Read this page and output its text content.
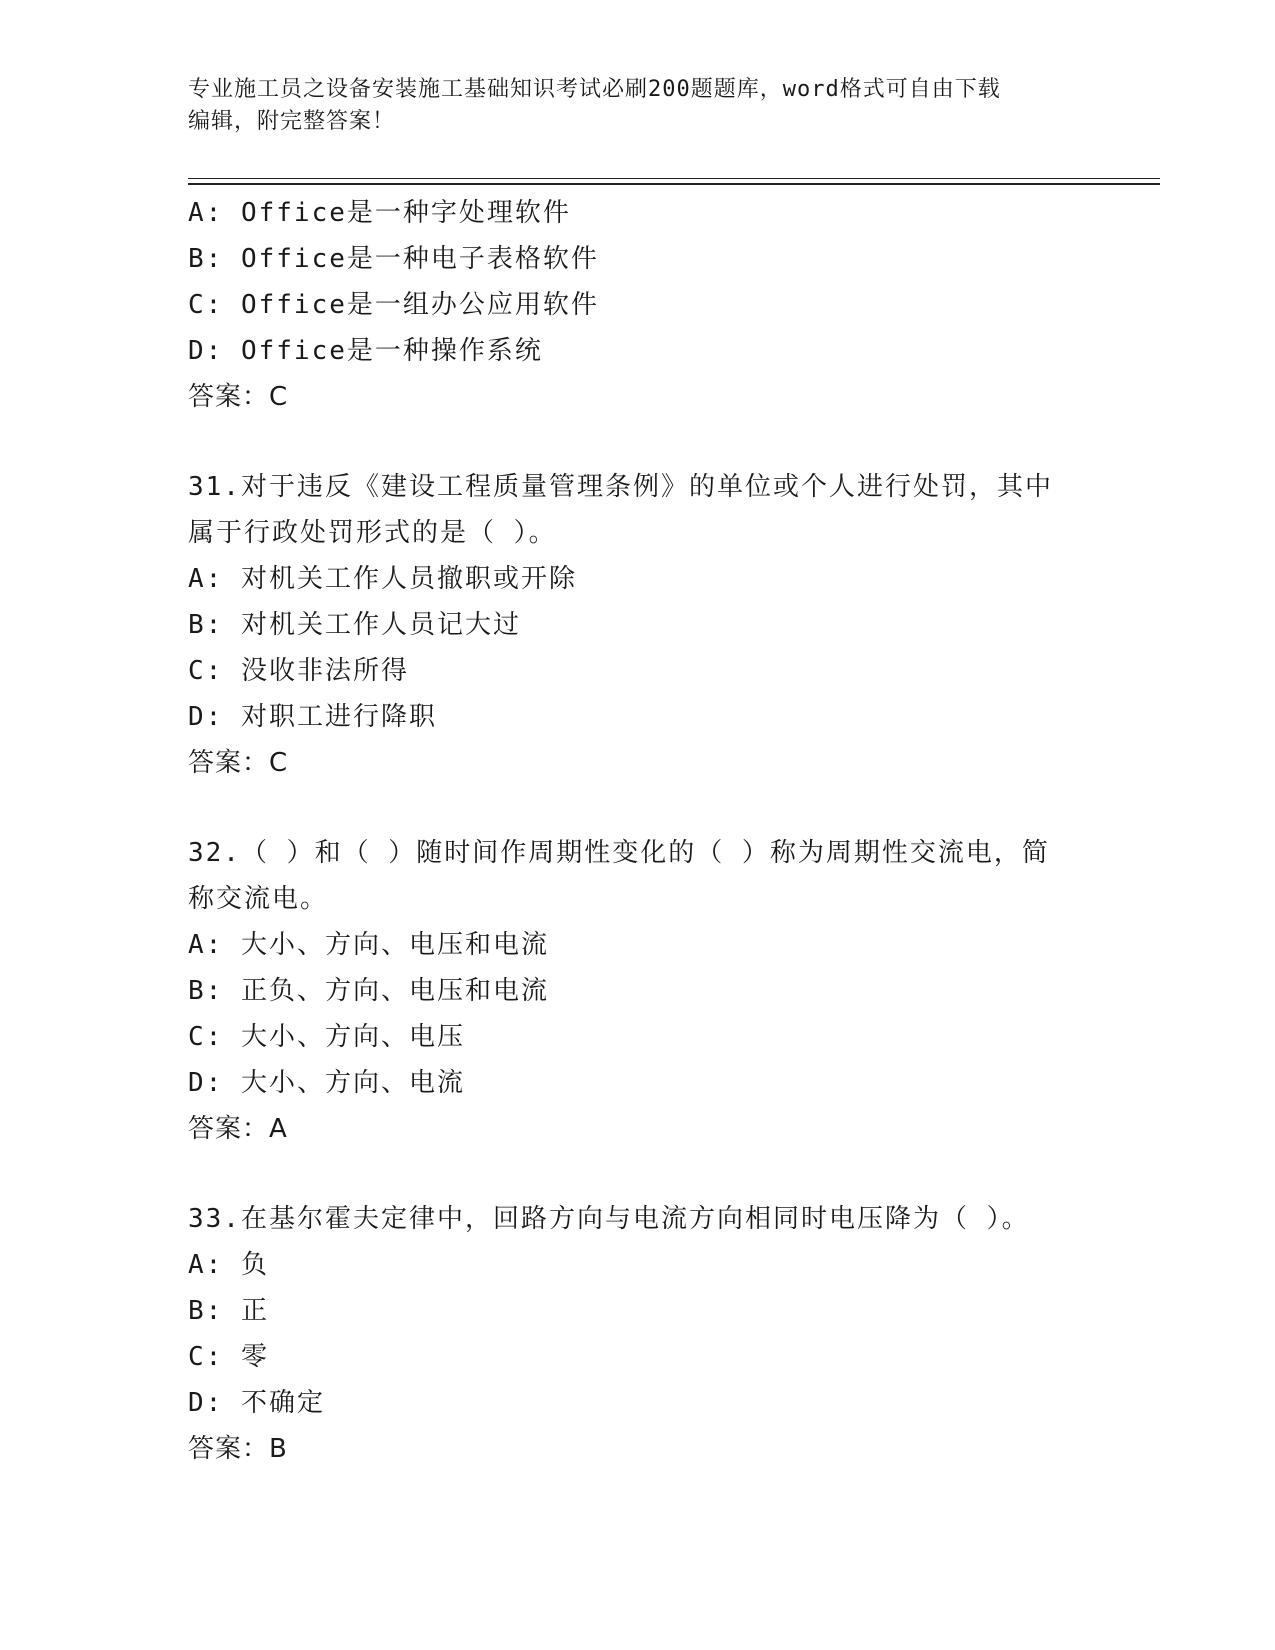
专业施工员之设备安装施工基础知识考试必刷200题题库，word格式可自由下载
编辑，附完整答案！
A: Office是一种字处理软件
B: Office是一种电子表格软件
C: Office是一组办公应用软件
D: Office是一种操作系统
答案：C
31.对于违反《建设工程质量管理条例》的单位或个人进行处罚，其中
属于行政处罚形式的是（ ）。
A: 对机关工作人员撤职或开除
B: 对机关工作人员记大过
C: 没收非法所得
D: 对职工进行降职
答案：C
32.（ ）和（ ）随时间作周期性变化的（ ）称为周期性交流电，简
称交流电。
A: 大小、方向、电压和电流
B: 正负、方向、电压和电流
C: 大小、方向、电压
D: 大小、方向、电流
答案：A
33.在基尔霍夫定律中，回路方向与电流方向相同时电压降为（ ）。
A: 负
B: 正
C: 零
D: 不确定
答案：B
